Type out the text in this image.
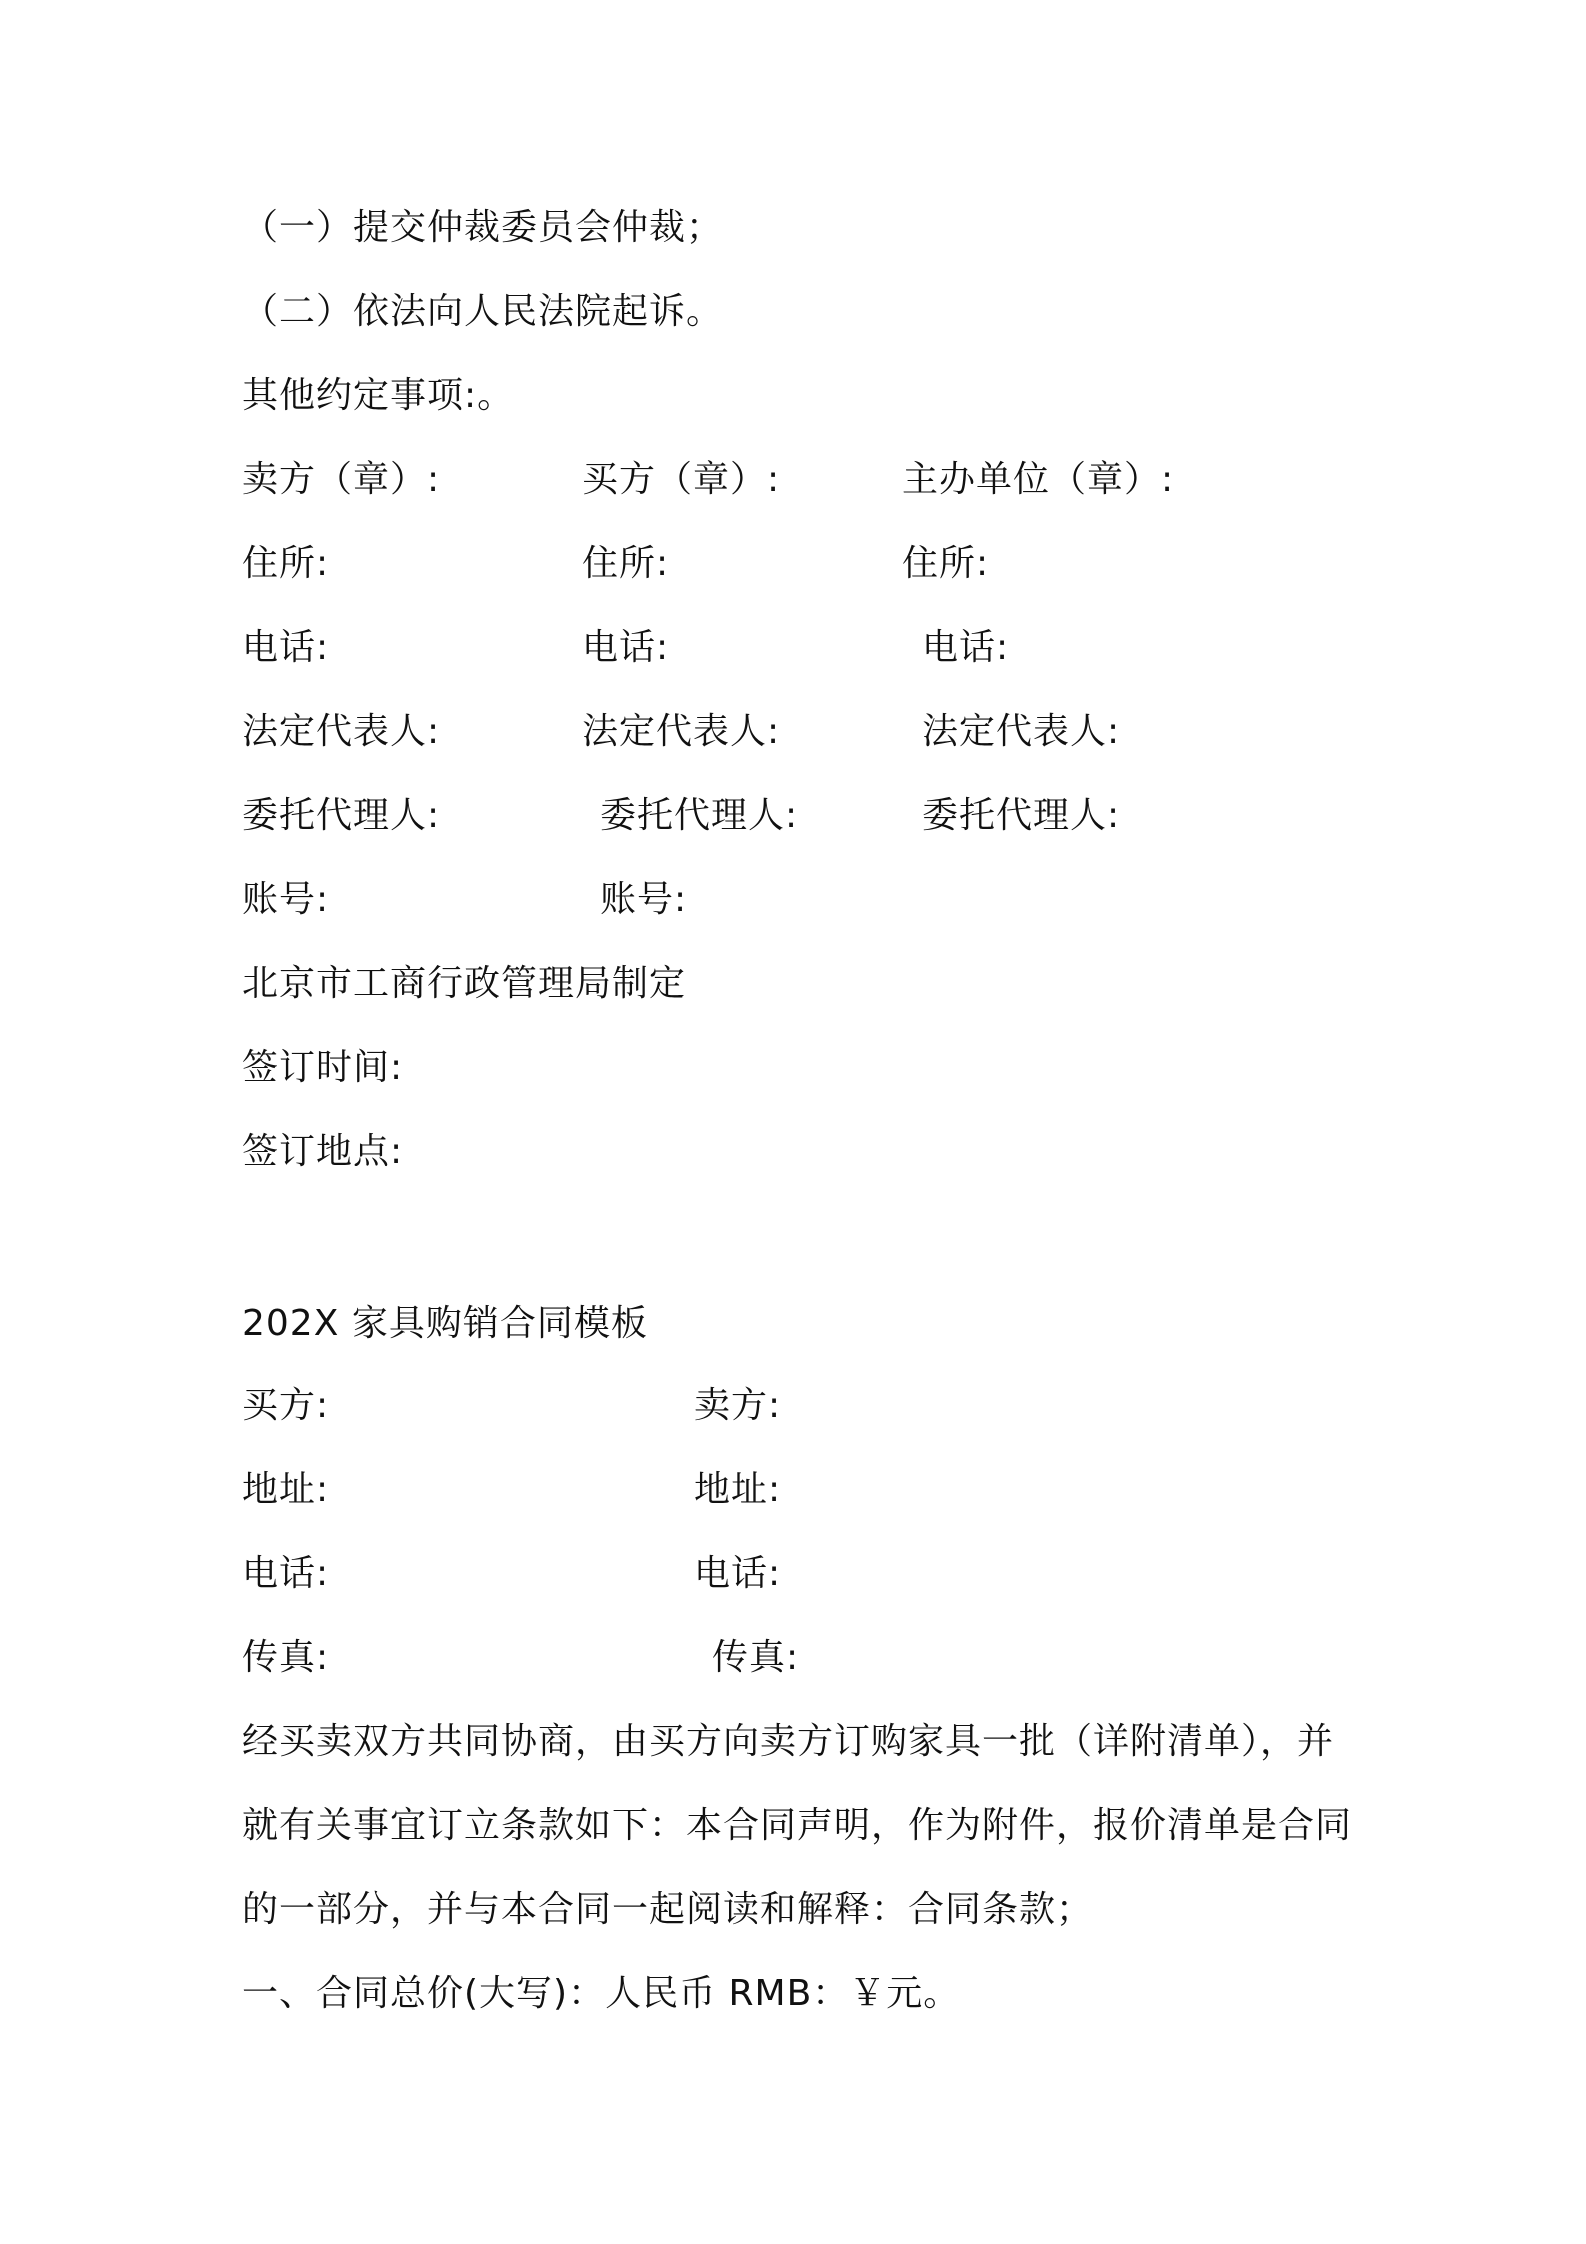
（一）提交仲裁委员会仲裁；
（二）依法向人民法院起诉。
其他约定事项:。
卖方（章）:	买方（章）:	主办单位（章）:
住所:	住所:	住所:
电话:	电话:	电话:
法定代表人:	法定代表人:	法定代表人:
委托代理人:	委托代理人:	委托代理人:
账号:	账号:
北京市工商行政管理局制定
签订时间:
签订地点:
202X 家具购销合同模板
买方:	卖方:
地址:	地址:
电话:	电话:
传真:	传真:
经买卖双方共同协商，由买方向卖方订购家具一批（详附清单），并
就有关事宜订立条款如下：本合同声明，作为附件，报价清单是合同
的一部分，并与本合同一起阅读和解释：合同条款；
一、合同总价(大写)：人民币 RMB：￥元。
